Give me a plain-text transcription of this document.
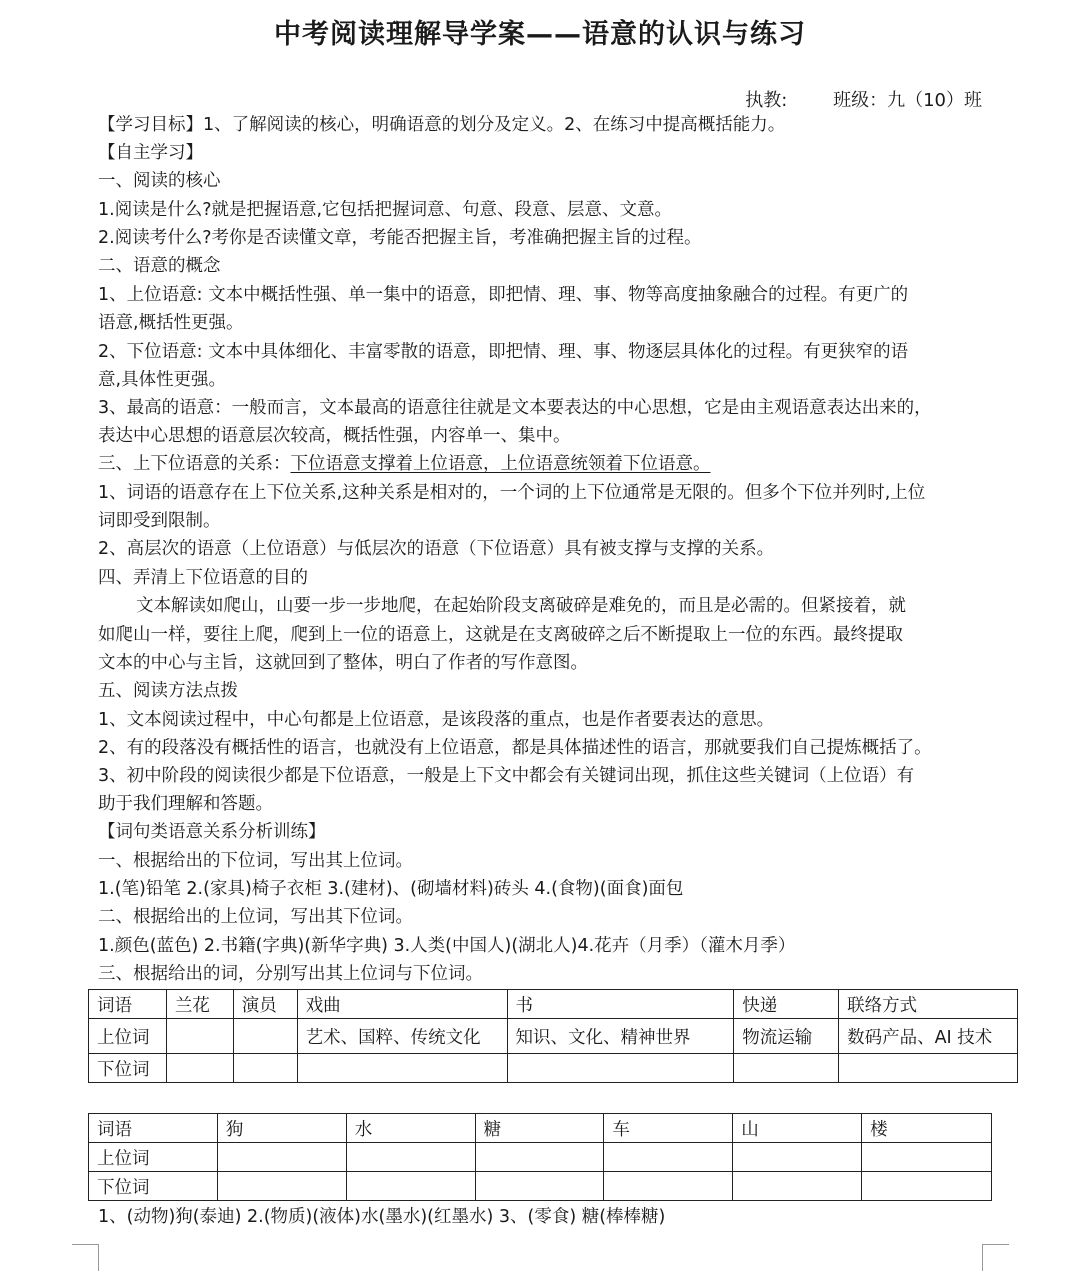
中考阅读理解导学案——语意的认识与练习
执教:	班级：九（10）班
【学习目标】1、了解阅读的核心，明确语意的划分及定义。2、在练习中提高概括能力。
【自主学习】
一、阅读的核心
1.阅读是什么?就是把握语意,它包括把握词意、句意、段意、层意、文意。
2.阅读考什么?考你是否读懂文章，考能否把握主旨，考准确把握主旨的过程。
二、语意的概念
1、上位语意: 文本中概括性强、单一集中的语意，即把情、理、事、物等高度抽象融合的过程。有更广的
语意,概括性更强。
2、下位语意: 文本中具体细化、丰富零散的语意，即把情、理、事、物逐层具体化的过程。有更狭窄的语
意,具体性更强。
3、最高的语意：一般而言，文本最高的语意往往就是文本要表达的中心思想，它是由主观语意表达出来的，
表达中心思想的语意层次较高，概括性强，内容单一、集中。
三、上下位语意的关系：下位语意支撑着上位语意，上位语意统领着下位语意。
1、词语的语意存在上下位关系,这种关系是相对的，一个词的上下位通常是无限的。但多个下位并列时,上位
词即受到限制。
2、高层次的语意（上位语意）与低层次的语意（下位语意）具有被支撑与支撑的关系。
四、弄清上下位语意的目的
文本解读如爬山，山要一步一步地爬，在起始阶段支离破碎是难免的，而且是必需的。但紧接着，就
如爬山一样，要往上爬，爬到上一位的语意上，这就是在支离破碎之后不断提取上一位的东西。最终提取
文本的中心与主旨，这就回到了整体，明白了作者的写作意图。
五、阅读方法点拨
1、文本阅读过程中，中心句都是上位语意，是该段落的重点，也是作者要表达的意思。
2、有的段落没有概括性的语言，也就没有上位语意，都是具体描述性的语言，那就要我们自己提炼概括了。
3、初中阶段的阅读很少都是下位语意，一般是上下文中都会有关键词出现，抓住这些关键词（上位语）有
助于我们理解和答题。
【词句类语意关系分析训练】
一、根据给出的下位词，写出其上位词。
1.(笔)铅笔 2.(家具)椅子衣柜 3.(建材)、(砌墙材料)砖头 4.(食物)(面食)面包
二、根据给出的上位词，写出其下位词。
1.颜色(蓝色) 2.书籍(字典)(新华字典) 3.人类(中国人)(湖北人)4.花卉（月季）（灌木月季）
三、根据给出的词，分别写出其上位词与下位词。
词语	兰花	演员	戏曲	书	快递	联络方式
上位词			艺术、国粹、传统文化	知识、文化、精神世界	物流运输	数码产品、AI 技术
下位词						
词语	狗	水	糖	车	山	楼
上位词						
下位词						
1、(动物)狗(泰迪) 2.(物质)(液体)水(墨水)(红墨水) 3、(零食) 糖(棒棒糖)
